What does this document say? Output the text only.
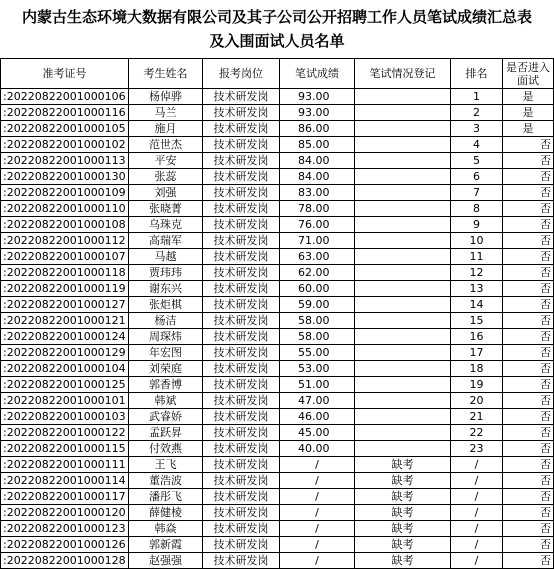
内蒙古生态环境大数据有限公司及其子公司公开招聘工作人员笔试成绩汇总表
及入围面试人员名单
准考证号	考生姓名	报考岗位	笔试成绩	笔试情况登记	排名	是否进入面试
:20220822001000106	杨倬骅	技术研发岗	93.00		1	是
:20220822001000116	马兰	技术研发岗	93.00		2	是
:20220822001000105	施月	技术研发岗	86.00		3	是
:20220822001000102	范世杰	技术研发岗	85.00		4	否
:20220822001000113	平安	技术研发岗	84.00		5	否
:20220822001000130	张蕊	技术研发岗	84.00		6	否
:20220822001000109	刘强	技术研发岗	83.00		7	否
:20220822001000110	张晓菁	技术研发岗	78.00		8	否
:20220822001000108	乌珠克	技术研发岗	76.00		9	否
:20220822001000112	高瑞军	技术研发岗	71.00		10	否
:20220822001000107	马越	技术研发岗	63.00		11	否
:20220822001000118	贾玮玮	技术研发岗	62.00		12	否
:20220822001000119	谢东兴	技术研发岗	60.00		13	否
:20220822001000127	张炬棋	技术研发岗	59.00		14	否
:20220822001000121	杨洁	技术研发岗	58.00		15	否
:20220822001000124	周琛炜	技术研发岗	58.00		16	否
:20220822001000129	年宏图	技术研发岗	55.00		17	否
:20220822001000104	刘荣庭	技术研发岗	53.00		18	否
:20220822001000125	郭香博	技术研发岗	51.00		19	否
:20220822001000101	韩斌	技术研发岗	47.00		20	否
:20220822001000103	武睿娇	技术研发岗	46.00		21	否
:20220822001000122	孟跃昇	技术研发岗	45.00		22	否
:20220822001000115	付效燕	技术研发岗	40.00		23	否
:20220822001000111	王飞	技术研发岗	/	缺考	/	否
:20220822001000114	董浩波	技术研发岗	/	缺考	/	否
:20220822001000117	潘彤飞	技术研发岗	/	缺考	/	否
:20220822001000120	薛健棱	技术研发岗	/	缺考	/	否
:20220822001000123	韩焱	技术研发岗	/	缺考	/	否
:20220822001000126	郭新霞	技术研发岗	/	缺考	/	否
:20220822001000128	赵强强	技术研发岗	/	缺考	/	否
